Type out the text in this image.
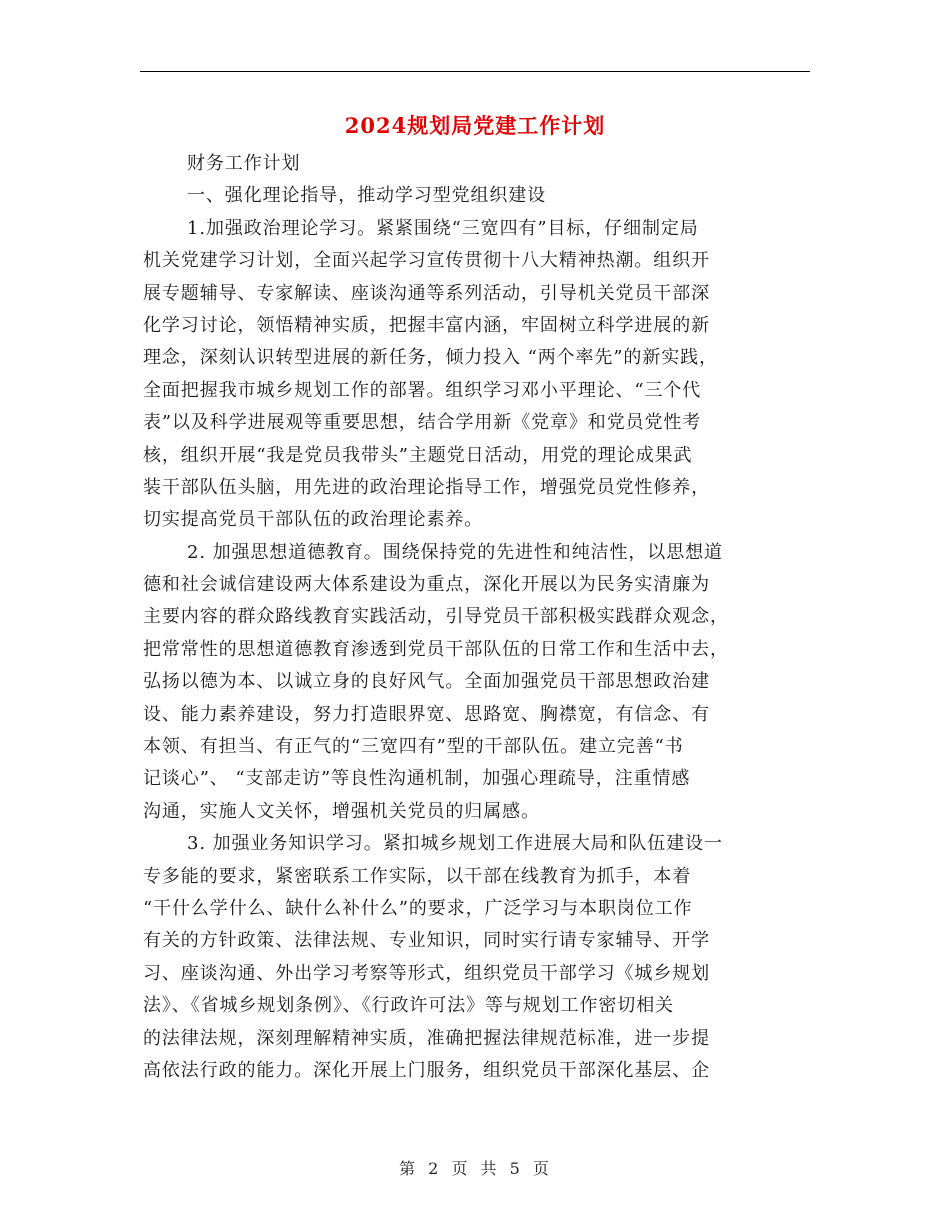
2024规划局党建工作计划
财务工作计划
一、强化理论指导，推动学习型党组织建设
1.加强政治理论学习。紧紧围绕“三宽四有”目标，仔细制定局
机关党建学习计划，全面兴起学习宣传贯彻十八大精神热潮。组织开
展专题辅导、专家解读、座谈沟通等系列活动，引导机关党员干部深
化学习讨论，领悟精神实质，把握丰富内涵，牢固树立科学进展的新
理念，深刻认识转型进展的新任务，倾力投入 “两个率先”的新实践，
全面把握我市城乡规划工作的部署。组织学习邓小平理论、“三个代
表”以及科学进展观等重要思想，结合学用新《党章》和党员党性考
核，组织开展“我是党员我带头”主题党日活动，用党的理论成果武
装干部队伍头脑，用先进的政治理论指导工作，增强党员党性修养，
切实提高党员干部队伍的政治理论素养。
2. 加强思想道德教育。围绕保持党的先进性和纯洁性，以思想道
德和社会诚信建设两大体系建设为重点，深化开展以为民务实清廉为
主要内容的群众路线教育实践活动，引导党员干部积极实践群众观念，
把常常性的思想道德教育渗透到党员干部队伍的日常工作和生活中去，
弘扬以德为本、以诚立身的良好风气。全面加强党员干部思想政治建
设、能力素养建设，努力打造眼界宽、思路宽、胸襟宽，有信念、有
本领、有担当、有正气的“三宽四有”型的干部队伍。建立完善“书
记谈心”、 “支部走访”等良性沟通机制，加强心理疏导，注重情感
沟通，实施人文关怀，增强机关党员的归属感。
3. 加强业务知识学习。紧扣城乡规划工作进展大局和队伍建设一
专多能的要求，紧密联系工作实际，以干部在线教育为抓手，本着
“干什么学什么、缺什么补什么”的要求，广泛学习与本职岗位工作
有关的方针政策、法律法规、专业知识，同时实行请专家辅导、开学
习、座谈沟通、外出学习考察等形式，组织党员干部学习《城乡规划
法》、《省城乡规划条例》、《行政许可法》等与规划工作密切相关
的法律法规，深刻理解精神实质，准确把握法律规范标准，进一步提
高依法行政的能力。深化开展上门服务，组织党员干部深化基层、企
第 2 页 共 5 页
